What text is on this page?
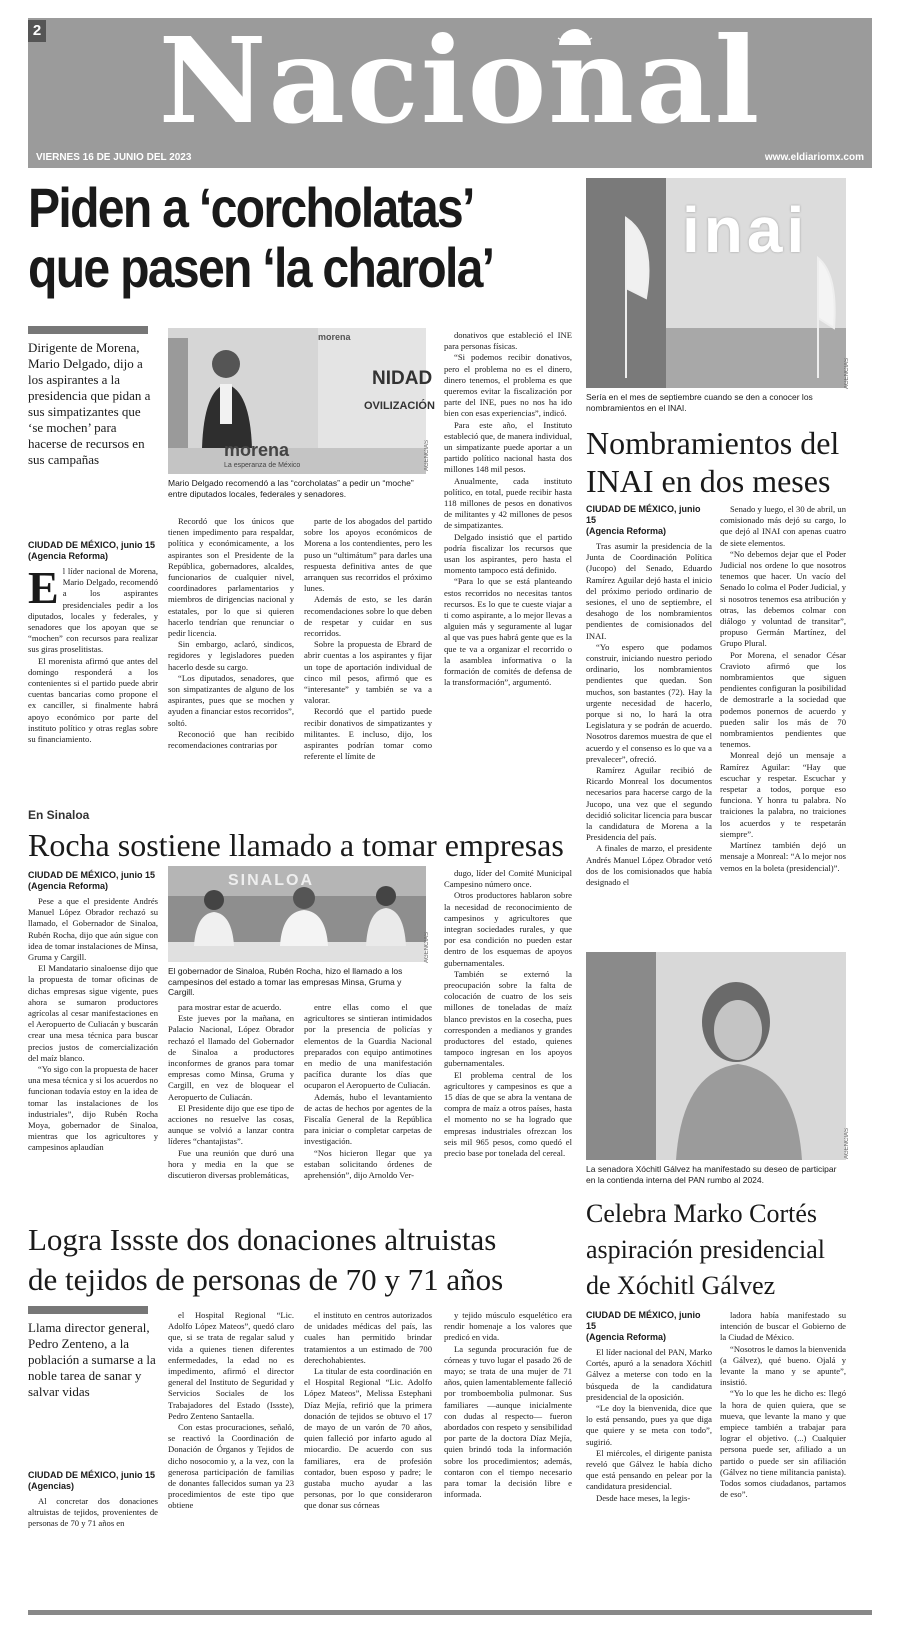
2 Nacional
VIERNES 16 DE JUNIO DEL 2023	www.eldiariomx.com
Piden a ‘corcholatas’
que pasen ‘la charola’
Dirigente de Morena, Mario Delgado, dijo a los aspirantes a la presidencia que pidan a sus simpatizantes que ‘se mochen’ para hacerse de recursos en sus campañas
NIDAD
OVILIZACIÓN
morena
morena
La esperanza de México	AGENCIAS
Mario Delgado recomendó a las “corcholatas” a pedir un “moche” entre diputados locales, federales y senadores.
CIUDAD DE MÉXICO, junio 15
(Agencia Reforma)
E l líder nacional de Morena, Mario Delgado, recomendó a los aspirantes presidenciales pedir a los diputados, locales y federales, y senadores que los apoyan que se “mochen” con recursos para realizar sus giras proselitistas.

El morenista afirmó que antes del domingo responderá a los contenientes si el partido puede abrir cuentas bancarias como propone el ex canciller, si finalmente habrá apoyo económico por parte del instituto político y otras reglas sobre su financiamiento.

Recordó que los únicos que tienen impedimento para respaldar, política y económicamente, a los aspirantes son el Presidente de la República, gobernadores, alcaldes, funcionarios de cualquier nivel, coordinadores parlamentarios y miembros de dirigencias nacional y estatales, por lo que si quieren hacerlo tendrían que renunciar o pedir licencia.

Sin embargo, aclaró, sindicos, regidores y legisladores pueden hacerlo desde su cargo.

“Los diputados, senadores, que son simpatizantes de alguno de los aspirantes, pues que se mochen y ayuden a financiar estos recorridos”, soltó.

Reconoció que han recibido recomendaciones contrarias por

parte de los abogados del partido sobre los apoyos económicos de Morena a los contendientes, pero les puso un “ultimátum” para darles una respuesta definitiva antes de que arranquen sus recorridos el próximo lunes.

Además de esto, se les darán recomendaciones sobre lo que deben de respetar y cuidar en sus recorridos.

Sobre la propuesta de Ebrard de abrir cuentas a los aspirantes y fijar un tope de aportación individual de cinco mil pesos, afirmó que es “interesante” y también se va a valorar.

Recordó que el partido puede recibir donativos de simpatizantes y militantes. E incluso, dijo, los aspirantes podrían tomar como referente el límite de

donativos que estableció el INE para personas físicas.

“Si podemos recibir donativos, pero el problema no es el dinero, dinero tenemos, el problema es que queremos evitar la fiscalización por parte del INE, pues no nos ha ido bien con esas experiencias”, indicó.

Para este año, el Instituto estableció que, de manera individual, un simpatizante puede aportar a un partido político nacional hasta dos millones 148 mil pesos.

Anualmente, cada instituto político, en total, puede recibir hasta 118 millones de pesos en donativos de militantes y 42 millones de pesos de simpatizantes.

Delgado insistió que el partido podría fiscalizar los recursos que usan los aspirantes, pero hasta el momento tampoco está definido.

“Para lo que se está planteando estos recorridos no necesitas tantos recursos. Es lo que te cueste viajar a ti como aspirante, a lo mejor llevas a alguien más y seguramente al lugar al que vas pues habrá gente que es la que te va a organizar el recorrido o la asamblea informativa o la formación de comités de defensa de la transformación”, argumentó.

En Sinaloa
Rocha sostiene llamado a tomar empresas
CIUDAD DE MÉXICO, junio 15
(Agencia Reforma)

Pese a que el presidente Andrés Manuel López Obrador rechazó su llamado, el Gobernador de Sinaloa, Rubén Rocha, dijo que aún sigue con idea de tomar instalaciones de Minsa, Gruma y Cargill.

El Mandatario sinaloense dijo que la propuesta de tomar oficinas de dichas empresas sigue vigente, pues ahora se sumaron productores agrícolas al cesar manifestaciones en el Aeropuerto de Culiacán y buscarán crear una mesa técnica para buscar precios justos de comercialización del maíz blanco.

“Yo sigo con la propuesta de hacer una mesa técnica y si los acuerdos no funcionan todavía estoy en la idea de tomar las instalaciones de los industriales”, dijo Rubén Rocha Moya, gobernador de Sinaloa, mientras que los agricultores y campesinos aplaudían

SINALOA
AGENCIAS
El gobernador de Sinaloa, Rubén Rocha, hizo el llamado a los campesinos del estado a tomar las empresas Minsa, Gruma y Cargill.

para mostrar estar de acuerdo.

Este jueves por la mañana, en Palacio Nacional, López Obrador rechazó el llamado del Gobernador de Sinaloa a productores inconformes de granos para tomar empresas como Minsa, Gruma y Cargill, en vez de bloquear el Aeropuerto de Culiacán.

El Presidente dijo que ese tipo de acciones no resuelve las cosas, aunque se volvió a lanzar contra líderes “chantajistas”.

Fue una reunión que duró una hora y media en la que se discutieron diversas problemáticas,

entre ellas como el que agricultores se sintieran intimidados por la presencia de policías y elementos de la Guardia Nacional preparados con equipo antimotines en medio de una manifestación pacífica durante los días que ocuparon el Aeropuerto de Culiacán.

Además, hubo el levantamiento de actas de hechos por agentes de la Fiscalía General de la República para iniciar o completar carpetas de investigación.

“Nos hicieron llegar que ya estaban solicitando órdenes de aprehensión”, dijo Arnoldo Ver-

dugo, líder del Comité Municipal Campesino número once.

Otros productores hablaron sobre la necesidad de reconocimiento de campesinos y agricultores que integran sociedades rurales, y que por esa condición no pueden estar dentro de los esquemas de apoyos gubernamentales.

También se externó la preocupación sobre la falta de colocación de cuatro de los seis millones de toneladas de maíz blanco previstos en la cosecha, pues corresponden a medianos y grandes productores del estado, quienes tampoco ingresan en los apoyos gubernamentales.

El problema central de los agricultores y campesinos es que a 15 días de que se abra la ventana de compra de maíz a otros países, hasta el momento no se ha logrado que empresas industriales ofrezcan los seis mil 965 pesos, como quedó el precio base por tonelada del cereal.

inai
AGENCIAS
Sería en el mes de septiembre cuando se den a conocer los nombramientos en el INAI.
Nombramientos del
INAI en dos meses
CIUDAD DE MÉXICO, junio 15
(Agencia Reforma)

Tras asumir la presidencia de la Junta de Coordinación Política (Jucopo) del Senado, Eduardo Ramírez Aguilar dejó hasta el inicio del próximo periodo ordinario de sesiones, el uno de septiembre, el desahogo de los nombramientos pendientes de comisionados del INAI.

“Yo espero que podamos construir, iniciando nuestro periodo ordinario, los nombramientos pendientes que quedan. Son muchos, son bastantes (72). Hay la urgente necesidad de hacerlo, porque si no, lo hará la otra Legislatura y se podrán de acuerdo. Nosotros daremos muestra de que el acuerdo y el consenso es lo que va a prevalecer”, ofreció.

Ramírez Aguilar recibió de Ricardo Monreal los documentos necesarios para hacerse cargo de la Jucopo, una vez que el segundo decidió solicitar licencia para buscar la candidatura de Morena a la Presidencia del país.

A finales de marzo, el presidente Andrés Manuel López Obrador vetó dos de los comisionados que había designado el

Senado y luego, el 30 de abril, un comisionado más dejó su cargo, lo que dejó al INAI con apenas cuatro de siete elementos.

“No debemos dejar que el Poder Judicial nos ordene lo que nosotros tenemos que hacer. Un vacío del Senado lo colma el Poder Judicial, y si nosotros tenemos esa atribución y otras, las debemos colmar con diálogo y voluntad de transitar”, propuso Germán Martínez, del Grupo Plural.

Por Morena, el senador César Cravioto afirmó que los nombramientos que siguen pendientes configuran la posibilidad de demostrarle a la sociedad que podemos ponernos de acuerdo y pueden salir los más de 70 nombramientos pendientes que tenemos.

Monreal dejó un mensaje a Ramírez Aguilar: “Hay que escuchar y respetar. Escuchar y respetar a todos, porque eso funciona. Y honra tu palabra. No traiciones la palabra, no traiciones los acuerdos y te respetarán siempre”.

Martínez también dejó un mensaje a Monreal: “A lo mejor nos vemos en la boleta (presidencial)”.

AGENCIAS
La senadora Xóchitl Gálvez ha manifestado su deseo de participar en la contienda interna del PAN rumbo al 2024.
Celebra Marko Cortés
aspiración presidencial
de Xóchitl Gálvez
CIUDAD DE MÉXICO, junio 15
(Agencia Reforma)

El líder nacional del PAN, Marko Cortés, apuró a la senadora Xóchitl Gálvez a meterse con todo en la búsqueda de la candidatura presidencial de la oposición.

“Le doy la bienvenida, dice que lo está pensando, pues ya que diga que quiere y se meta con todo”, sugirió.

El miércoles, el dirigente panista reveló que Gálvez le había dicho que está pensando en pelear por la candidatura presidencial.

Desde hace meses, la legis-

ladora había manifestado su intención de buscar el Gobierno de la Ciudad de México.

“Nosotros le damos la bienvenida (a Gálvez), qué bueno. Ojalá y levante la mano y se apunte”, insistió.

“Yo lo que les he dicho es: llegó la hora de quien quiera, que se mueva, que levante la mano y que empiece también a trabajar para lograr el objetivo. (...) Cualquier persona puede ser, afiliado a un partido o puede ser sin afiliación (Gálvez no tiene militancia panista). Todos somos ciudadanos, partamos de eso”.

Logra Issste dos donaciones altruistas
de tejidos de personas de 70 y 71 años
Llama director general, Pedro Zenteno, a la población a sumarse a la noble tarea de sanar y salvar vidas
CIUDAD DE MÉXICO, junio 15
(Agencias)

Al concretar dos donaciones altruistas de tejidos, provenientes de personas de 70 y 71 años en

el Hospital Regional “Lic. Adolfo López Mateos”, quedó claro que, si se trata de regalar salud y vida a quienes tienen diferentes enfermedades, la edad no es impedimento, afirmó el director general del Instituto de Seguridad y Servicios Sociales de los Trabajadores del Estado (Issste), Pedro Zenteno Santaella.

Con estas procuraciones, señaló, se reactivó la Coordinación de Donación de Órganos y Tejidos de dicho nosocomio y, a la vez, con la generosa participación de familias de donantes fallecidos suman ya 23 procedimientos de este tipo que obtiene

el instituto en centros autorizados de unidades médicas del país, las cuales han permitido brindar tratamientos a un estimado de 700 derechohabientes.

La titular de esta coordinación en el Hospital Regional “Lic. Adolfo López Mateos”, Melissa Estephani Díaz Mejía, refirió que la primera donación de tejidos se obtuvo el 17 de mayo de un varón de 70 años, quien falleció por infarto agudo al miocardio. De acuerdo con sus familiares, era de profesión contador, buen esposo y padre; le gustaba mucho ayudar a las personas, por lo que consideraron que donar sus córneas

y tejido músculo esquelético era rendir homenaje a los valores que predicó en vida.

La segunda procuración fue de córneas y tuvo lugar el pasado 26 de mayo; se trata de una mujer de 71 años, quien lamentablemente falleció por tromboembolia pulmonar. Sus familiares —aunque inicialmente con dudas al respecto— fueron abordados con respeto y sensibilidad por parte de la doctora Díaz Mejía, quien brindó toda la información sobre los procedimientos; además, contaron con el tiempo necesario para tomar la decisión libre e informada.
